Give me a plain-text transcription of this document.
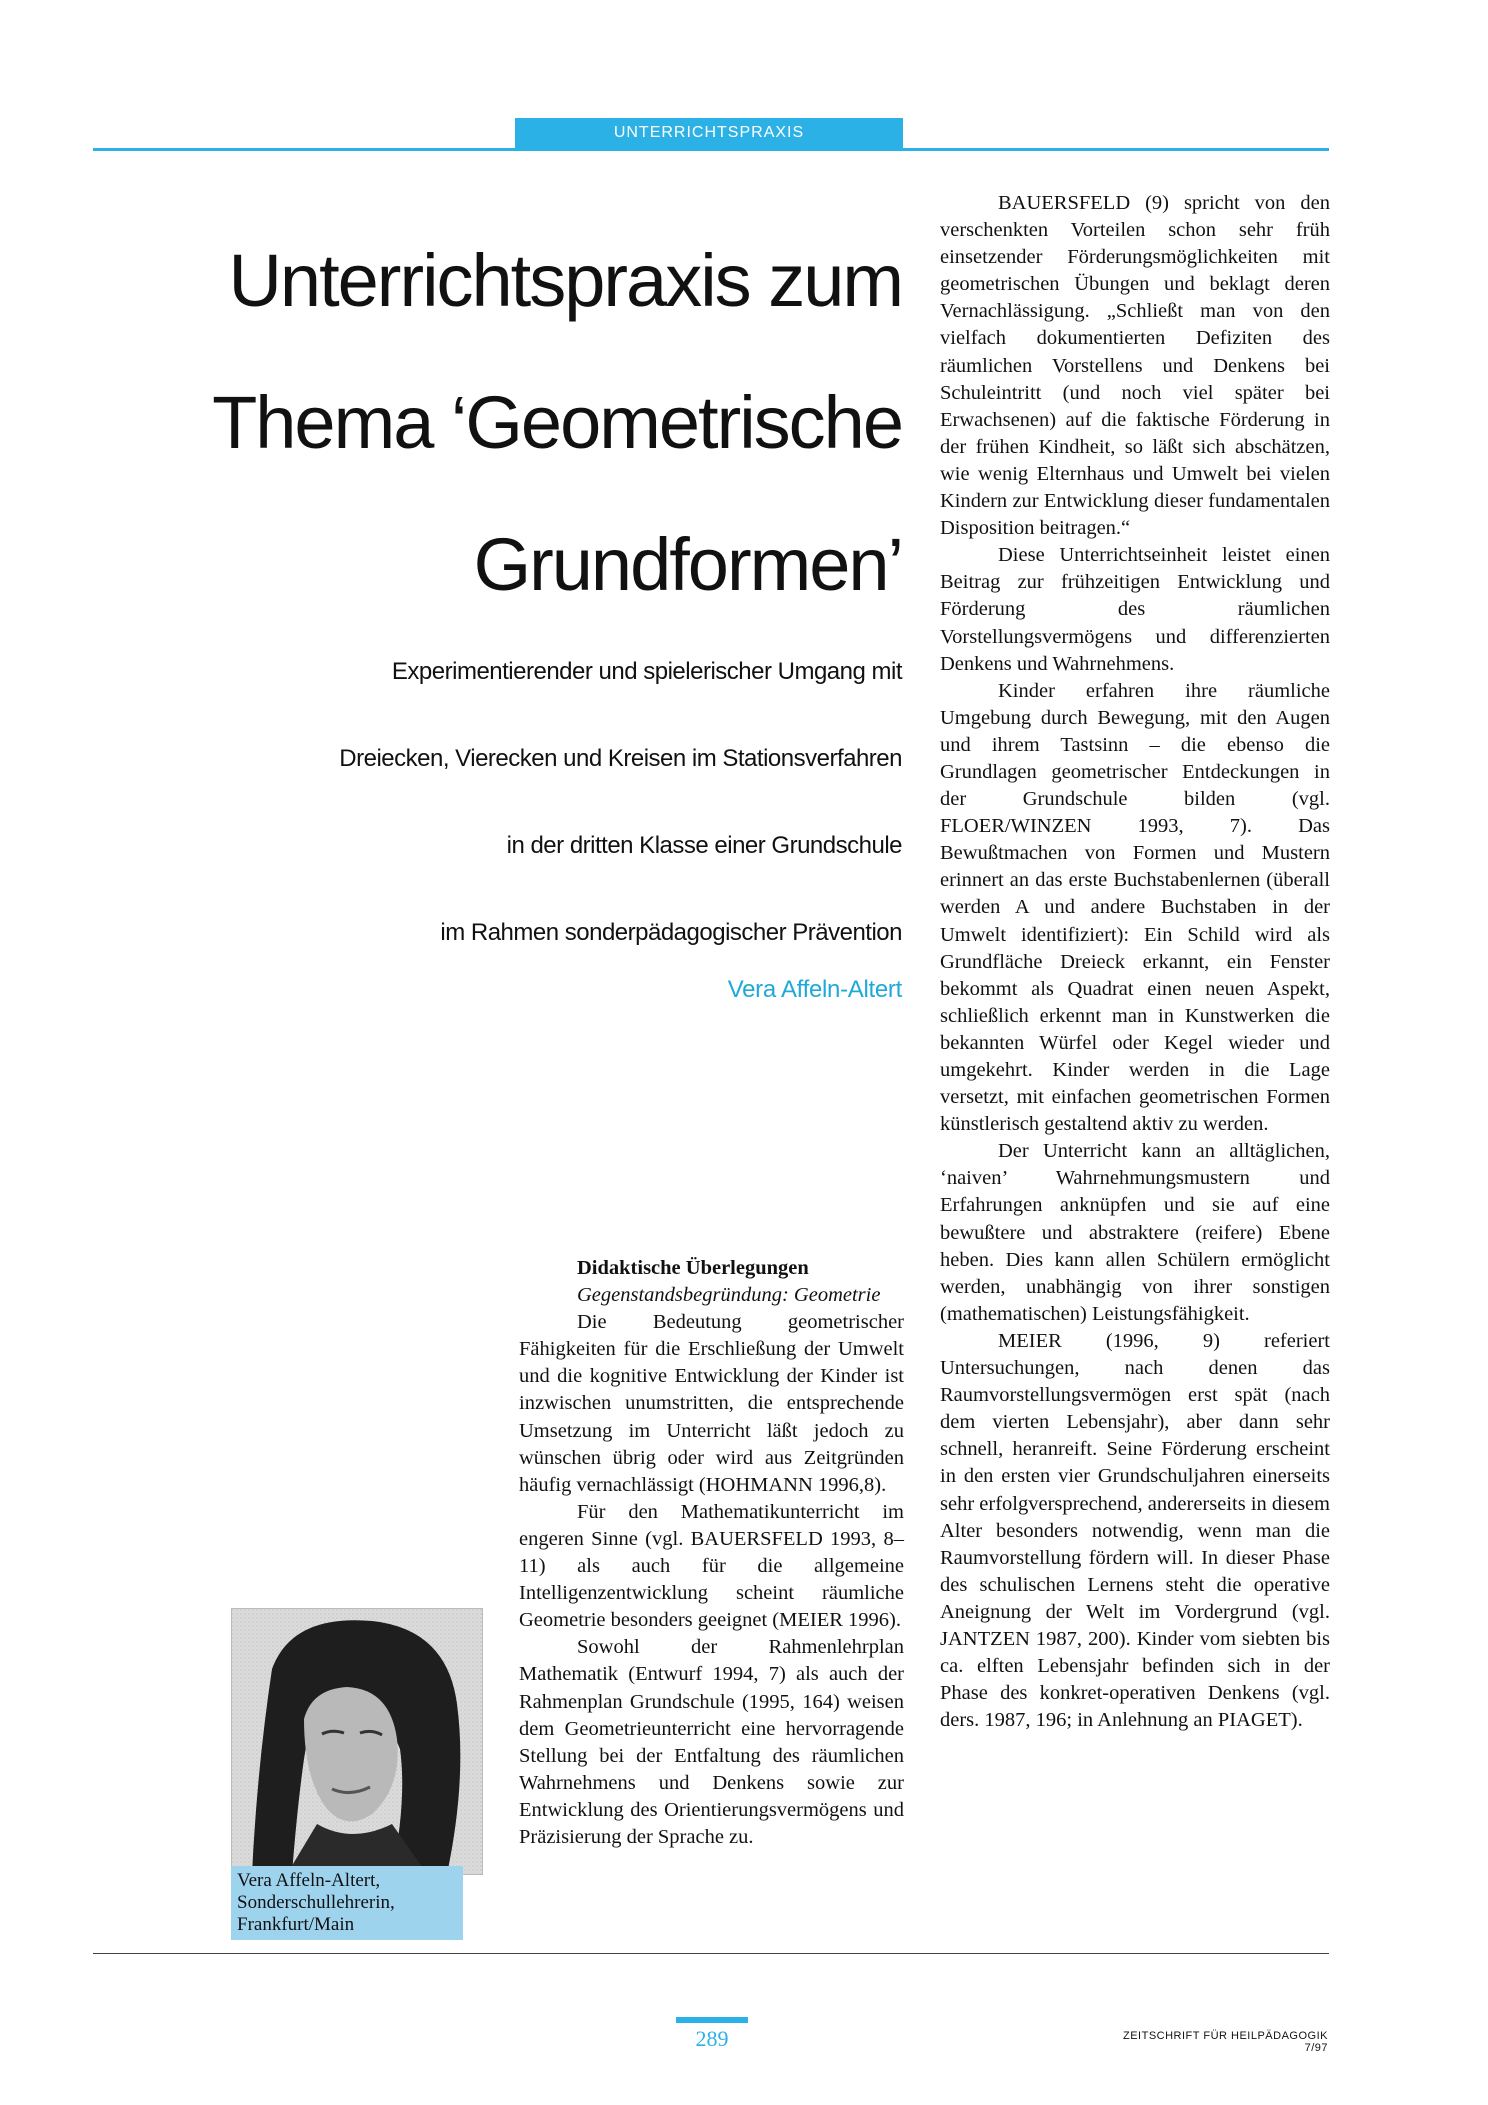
UNTERRICHTSPRAXIS
Unterrichtspraxis zum
Thema ‘Geometrische
Grundformen’
Experimentierender und spielerischer Umgang mit
Dreiecken, Vierecken und Kreisen im Stationsverfahren
in der dritten Klasse einer Grundschule
im Rahmen sonderpädagogischer Prävention
Vera Affeln-Altert
Vera Affeln-Altert,
Sonderschullehrerin,
Frankfurt/Main

Didaktische Überlegungen

Gegenstandsbegründung: Geometrie

Die Bedeutung geometrischer Fähigkeiten für die Erschließung der Umwelt und die kognitive Entwicklung der Kinder ist inzwischen unumstritten, die entsprechende Umsetzung im Unterricht läßt jedoch zu wünschen übrig oder wird aus Zeitgründen häufig vernachlässigt (HOHMANN 1996,8).

Für den Mathematikunterricht im engeren Sinne (vgl. BAUERSFELD 1993, 8–11) als auch für die allgemeine Intelligenzentwicklung scheint räumliche Geometrie besonders geeignet (MEIER 1996).

Sowohl der Rahmenlehrplan Mathematik (Entwurf 1994, 7) als auch der Rahmenplan Grundschule (1995, 164) weisen dem Geometrieunterricht eine hervorragende Stellung bei der Entfaltung des räumlichen Wahrnehmens und Denkens sowie zur Entwicklung des Orientierungsvermögens und Präzisierung der Sprache zu.

BAUERSFELD (9) spricht von den verschenkten Vorteilen schon sehr früh einsetzender Förderungsmöglichkeiten mit geometrischen Übungen und beklagt deren Vernachlässigung. „Schließt man von den vielfach dokumentierten Defiziten des räumlichen Vorstellens und Denkens bei Schuleintritt (und noch viel später bei Erwachsenen) auf die faktische Förderung in der frühen Kindheit, so läßt sich abschätzen, wie wenig Elternhaus und Umwelt bei vielen Kindern zur Entwicklung dieser fundamentalen Disposition beitragen.“

Diese Unterrichtseinheit leistet einen Beitrag zur frühzeitigen Entwicklung und Förderung des räumlichen Vorstellungsvermögens und differenzierten Denkens und Wahrnehmens.

Kinder erfahren ihre räumliche Umgebung durch Bewegung, mit den Augen und ihrem Tastsinn – die ebenso die Grundlagen geometrischer Entdeckungen in der Grundschule bilden (vgl. FLOER/WINZEN 1993, 7). Das Bewußtmachen von Formen und Mustern erinnert an das erste Buchstabenlernen (überall werden A und andere Buchstaben in der Umwelt identifiziert): Ein Schild wird als Grundfläche Dreieck erkannt, ein Fenster bekommt als Quadrat einen neuen Aspekt, schließlich erkennt man in Kunstwerken die bekannten Würfel oder Kegel wieder und umgekehrt. Kinder werden in die Lage versetzt, mit einfachen geometrischen Formen künstlerisch gestaltend aktiv zu werden.

Der Unterricht kann an alltäglichen, ‘naiven’ Wahrnehmungsmustern und Erfahrungen anknüpfen und sie auf eine bewußtere und abstraktere (reifere) Ebene heben. Dies kann allen Schülern ermöglicht werden, unabhängig von ihrer sonstigen (mathematischen) Leistungsfähigkeit.

MEIER (1996, 9) referiert Untersuchungen, nach denen das Raumvorstellungsvermögen erst spät (nach dem vierten Lebensjahr), aber dann sehr schnell, heranreift. Seine Förderung erscheint in den ersten vier Grundschuljahren einerseits sehr erfolgversprechend, andererseits in diesem Alter besonders notwendig, wenn man die Raumvorstellung fördern will. In dieser Phase des schulischen Lernens steht die operative Aneignung der Welt im Vordergrund (vgl. JANTZEN 1987, 200). Kinder vom siebten bis ca. elften Lebensjahr befinden sich in der Phase des konkret-operativen Denkens (vgl. ders. 1987, 196; in Anlehnung an PIAGET).

289	ZEITSCHRIFT FÜR HEILPÄDAGOGIK 7/97
